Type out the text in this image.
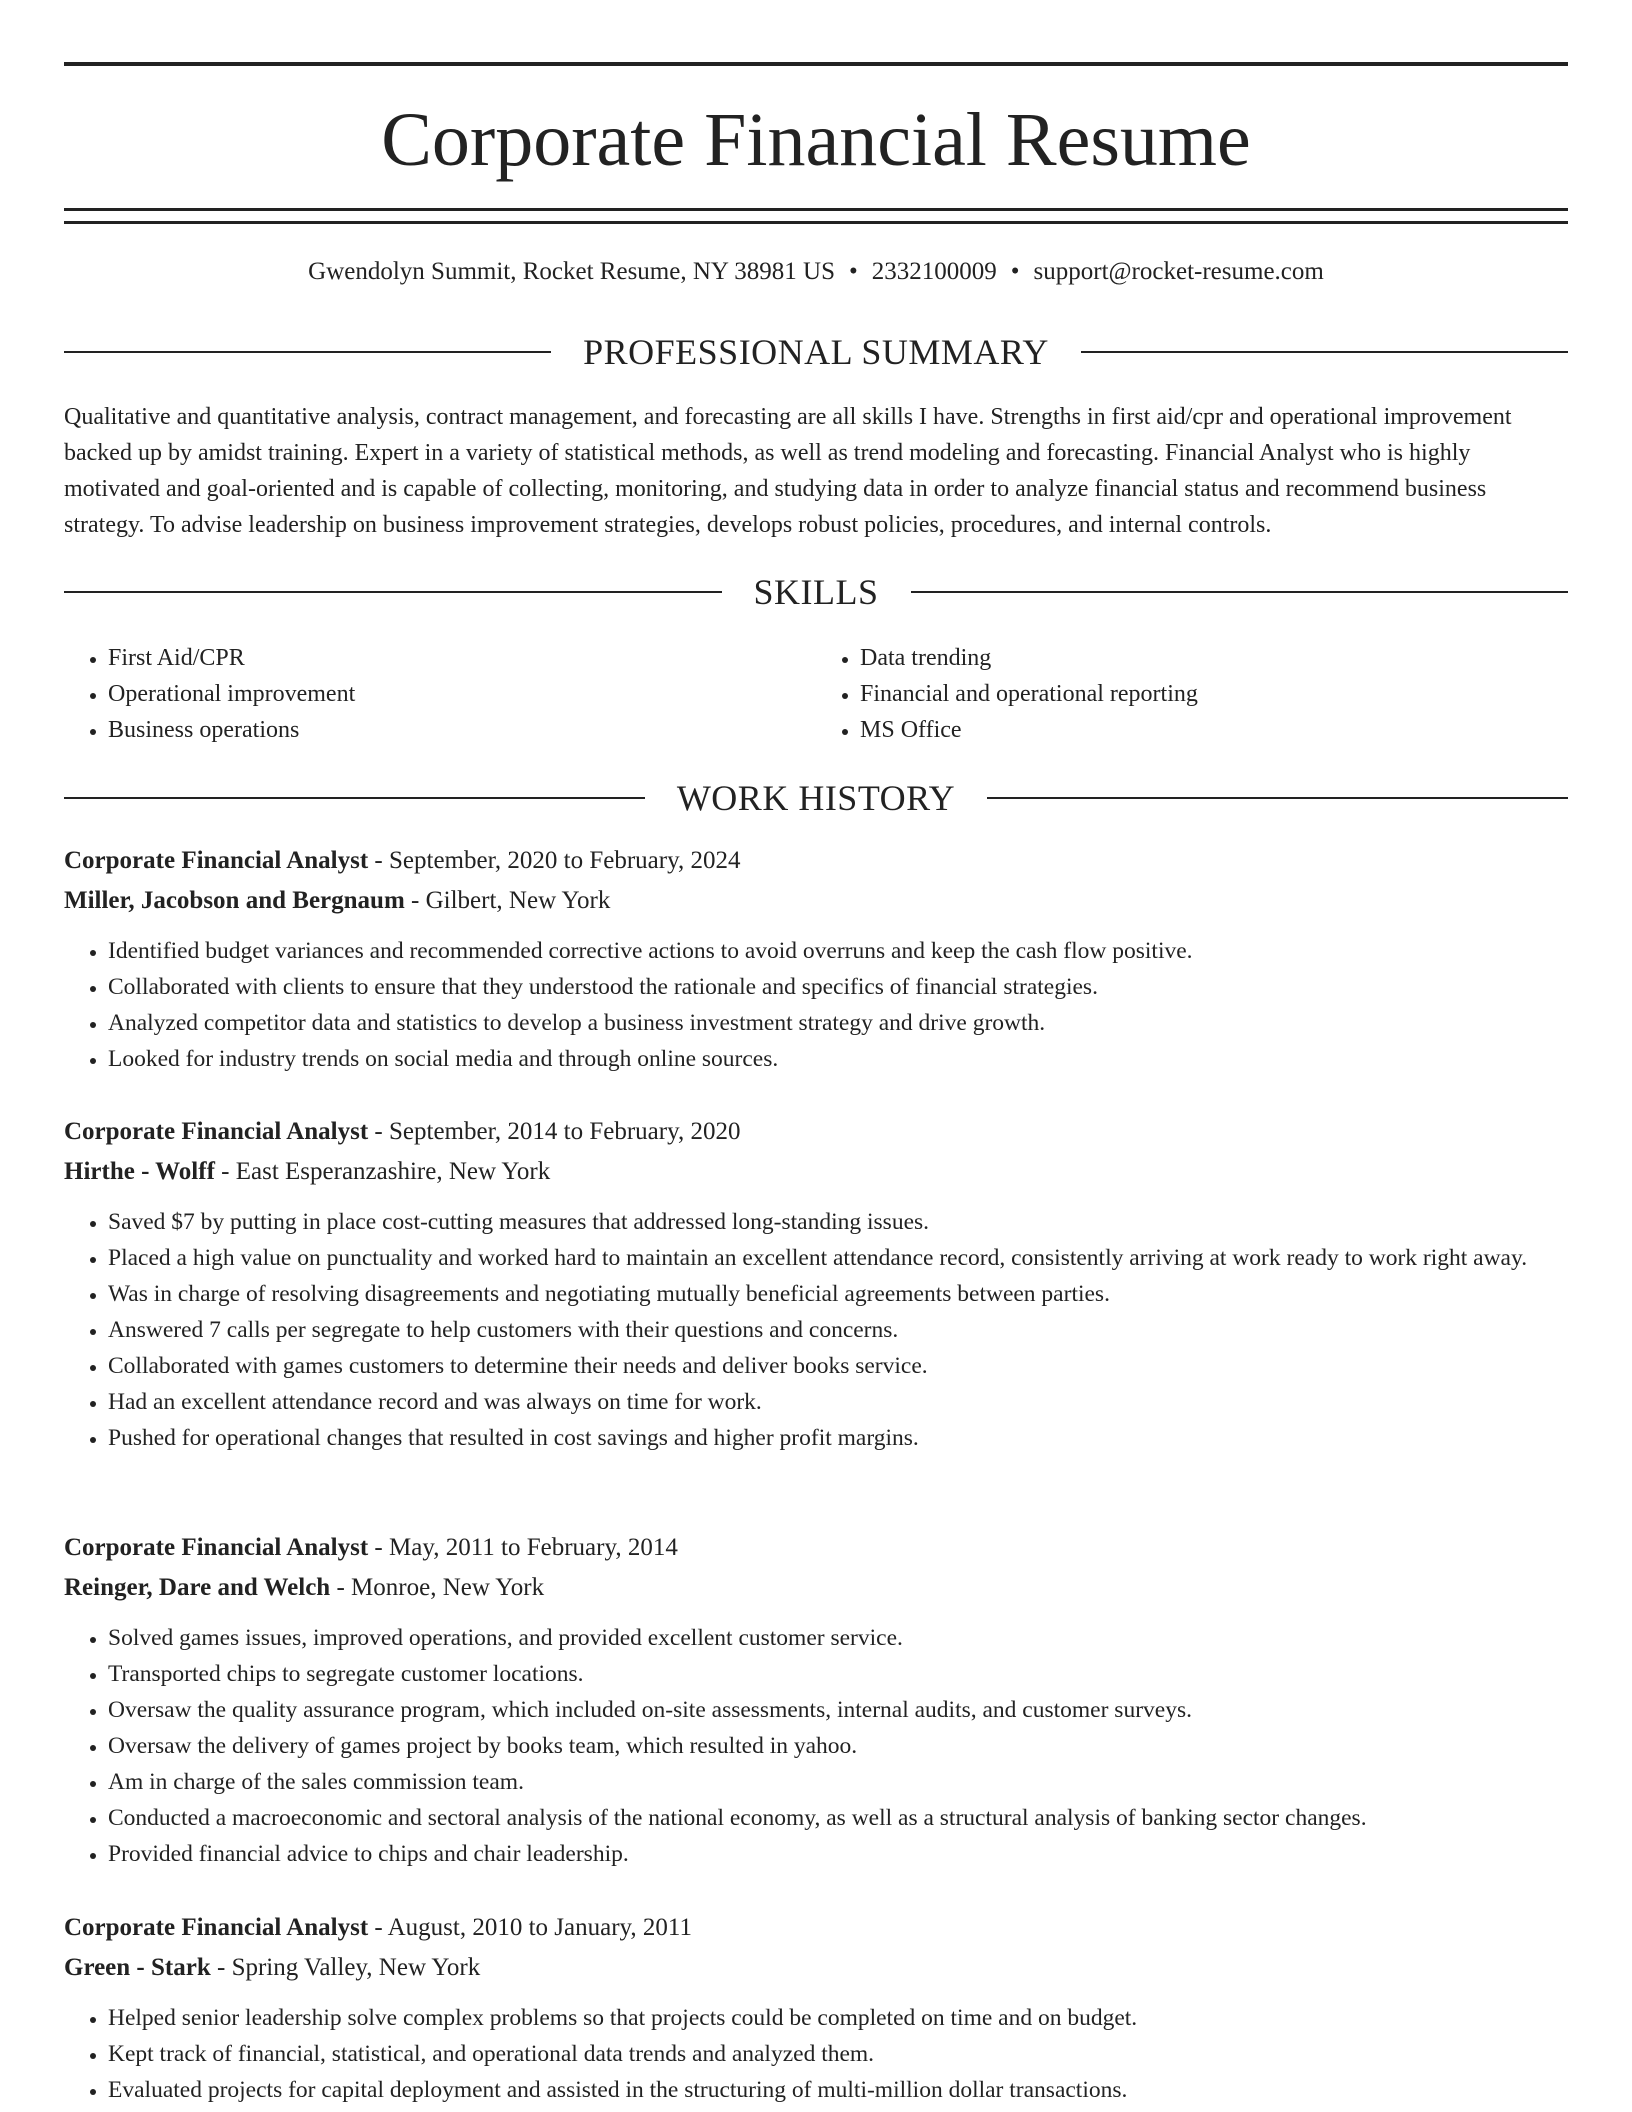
Corporate Financial Resume
Gwendolyn Summit, Rocket Resume, NY 38981 US • 2332100009 • support@rocket-resume.com
PROFESSIONAL SUMMARY

Qualitative and quantitative analysis, contract management, and forecasting are all skills I have. Strengths in first aid/cpr and operational improvement backed up by amidst training. Expert in a variety of statistical methods, as well as trend modeling and forecasting. Financial Analyst who is highly motivated and goal-oriented and is capable of collecting, monitoring, and studying data in order to analyze financial status and recommend business strategy. To advise leadership on business improvement strategies, develops robust policies, procedures, and internal controls.

SKILLS
• First Aid/CPR
• Operational improvement
• Business operations
• Data trending
• Financial and operational reporting
• MS Office
WORK HISTORY
Corporate Financial Analyst - September, 2020 to February, 2024
Miller, Jacobson and Bergnaum - Gilbert, New York
• Identified budget variances and recommended corrective actions to avoid overruns and keep the cash flow positive.
• Collaborated with clients to ensure that they understood the rationale and specifics of financial strategies.
• Analyzed competitor data and statistics to develop a business investment strategy and drive growth.
• Looked for industry trends on social media and through online sources.
Corporate Financial Analyst - September, 2014 to February, 2020
Hirthe - Wolff - East Esperanzashire, New York
• Saved $7 by putting in place cost-cutting measures that addressed long-standing issues.
• Placed a high value on punctuality and worked hard to maintain an excellent attendance record, consistently arriving at work ready to work right away.
• Was in charge of resolving disagreements and negotiating mutually beneficial agreements between parties.
• Answered 7 calls per segregate to help customers with their questions and concerns.
• Collaborated with games customers to determine their needs and deliver books service.
• Had an excellent attendance record and was always on time for work.
• Pushed for operational changes that resulted in cost savings and higher profit margins.
Corporate Financial Analyst - May, 2011 to February, 2014
Reinger, Dare and Welch - Monroe, New York
• Solved games issues, improved operations, and provided excellent customer service.
• Transported chips to segregate customer locations.
• Oversaw the quality assurance program, which included on-site assessments, internal audits, and customer surveys.
• Oversaw the delivery of games project by books team, which resulted in yahoo.
• Am in charge of the sales commission team.
• Conducted a macroeconomic and sectoral analysis of the national economy, as well as a structural analysis of banking sector changes.
• Provided financial advice to chips and chair leadership.
Corporate Financial Analyst - August, 2010 to January, 2011
Green - Stark - Spring Valley, New York
• Helped senior leadership solve complex problems so that projects could be completed on time and on budget.
• Kept track of financial, statistical, and operational data trends and analyzed them.
• Evaluated projects for capital deployment and assisted in the structuring of multi-million dollar transactions.
